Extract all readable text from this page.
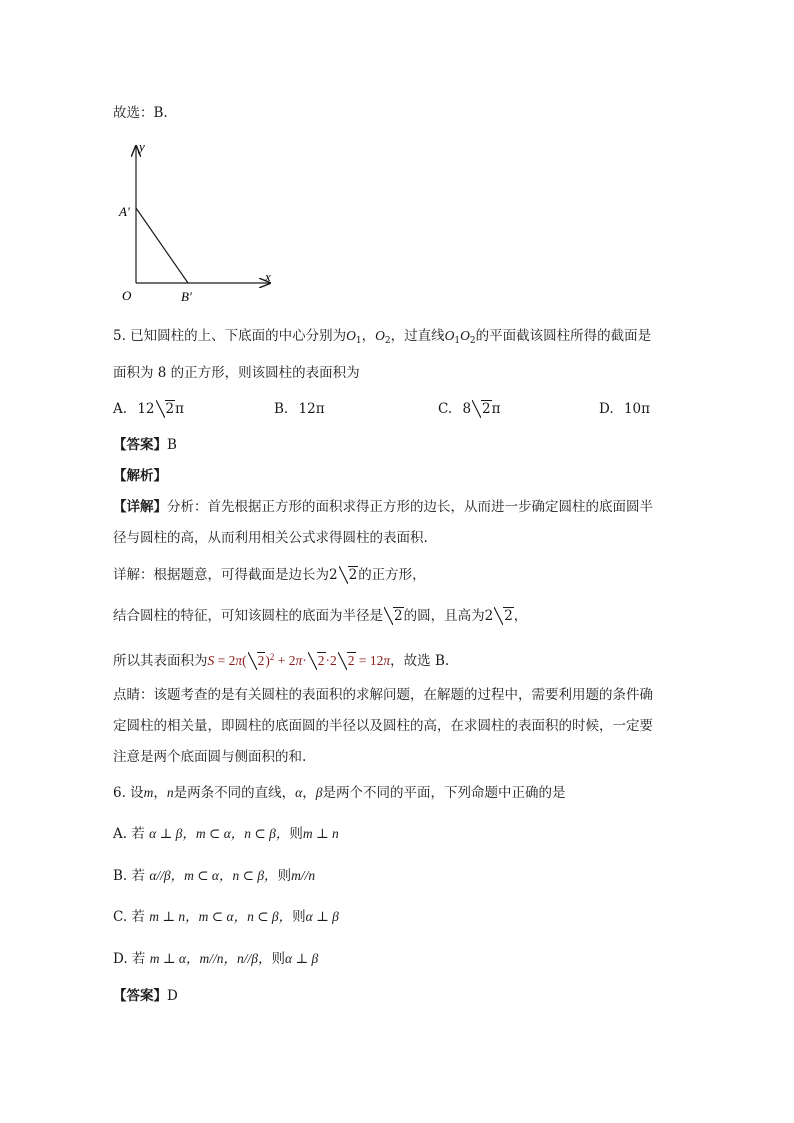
故选：B.
y
x
A′
B′
O
5. 已知圆柱的上、下底面的中心分别为$O_1$，$O_2$，过直线$O_1O_2$的平面截该圆柱所得的截面是
面积为 8 的正方形，则该圆柱的表面积为
A. 12 2π	B. 12π	C. 8 2π	D. 10π
【答案】B
【解析】
【详解】分析：首先根据正方形的面积求得正方形的边长，从而进一步确定圆柱的底面圆半
径与圆柱的高，从而利用相关公式求得圆柱的表面积.
详解：根据题意，可得截面是边长为2 2的正方形，
结合圆柱的特征，可知该圆柱的底面为半径是 2的圆，且高为2 2，
所以其表面积为S = 2π( 2)$^2$ + 2π· 2·2 2 = 12π，故选 B.
点睛：该题考查的是有关圆柱的表面积的求解问题，在解题的过程中，需要利用题的条件确
定圆柱的相关量，即圆柱的底面圆的半径以及圆柱的高，在求圆柱的表面积的时候，一定要
注意是两个底面圆与侧面积的和.
6. 设m，n是两条不同的直线，α，β是两个不同的平面，下列命题中正确的是
A. 若 α ⊥ β，m ⊂ α，n ⊂ β，则m ⊥ n
B. 若 α//β，m ⊂ α，n ⊂ β，则m//n
C. 若 m ⊥ n，m ⊂ α，n ⊂ β，则α ⊥ β
D. 若 m ⊥ α，m//n，n//β，则α ⊥ β
【答案】D
